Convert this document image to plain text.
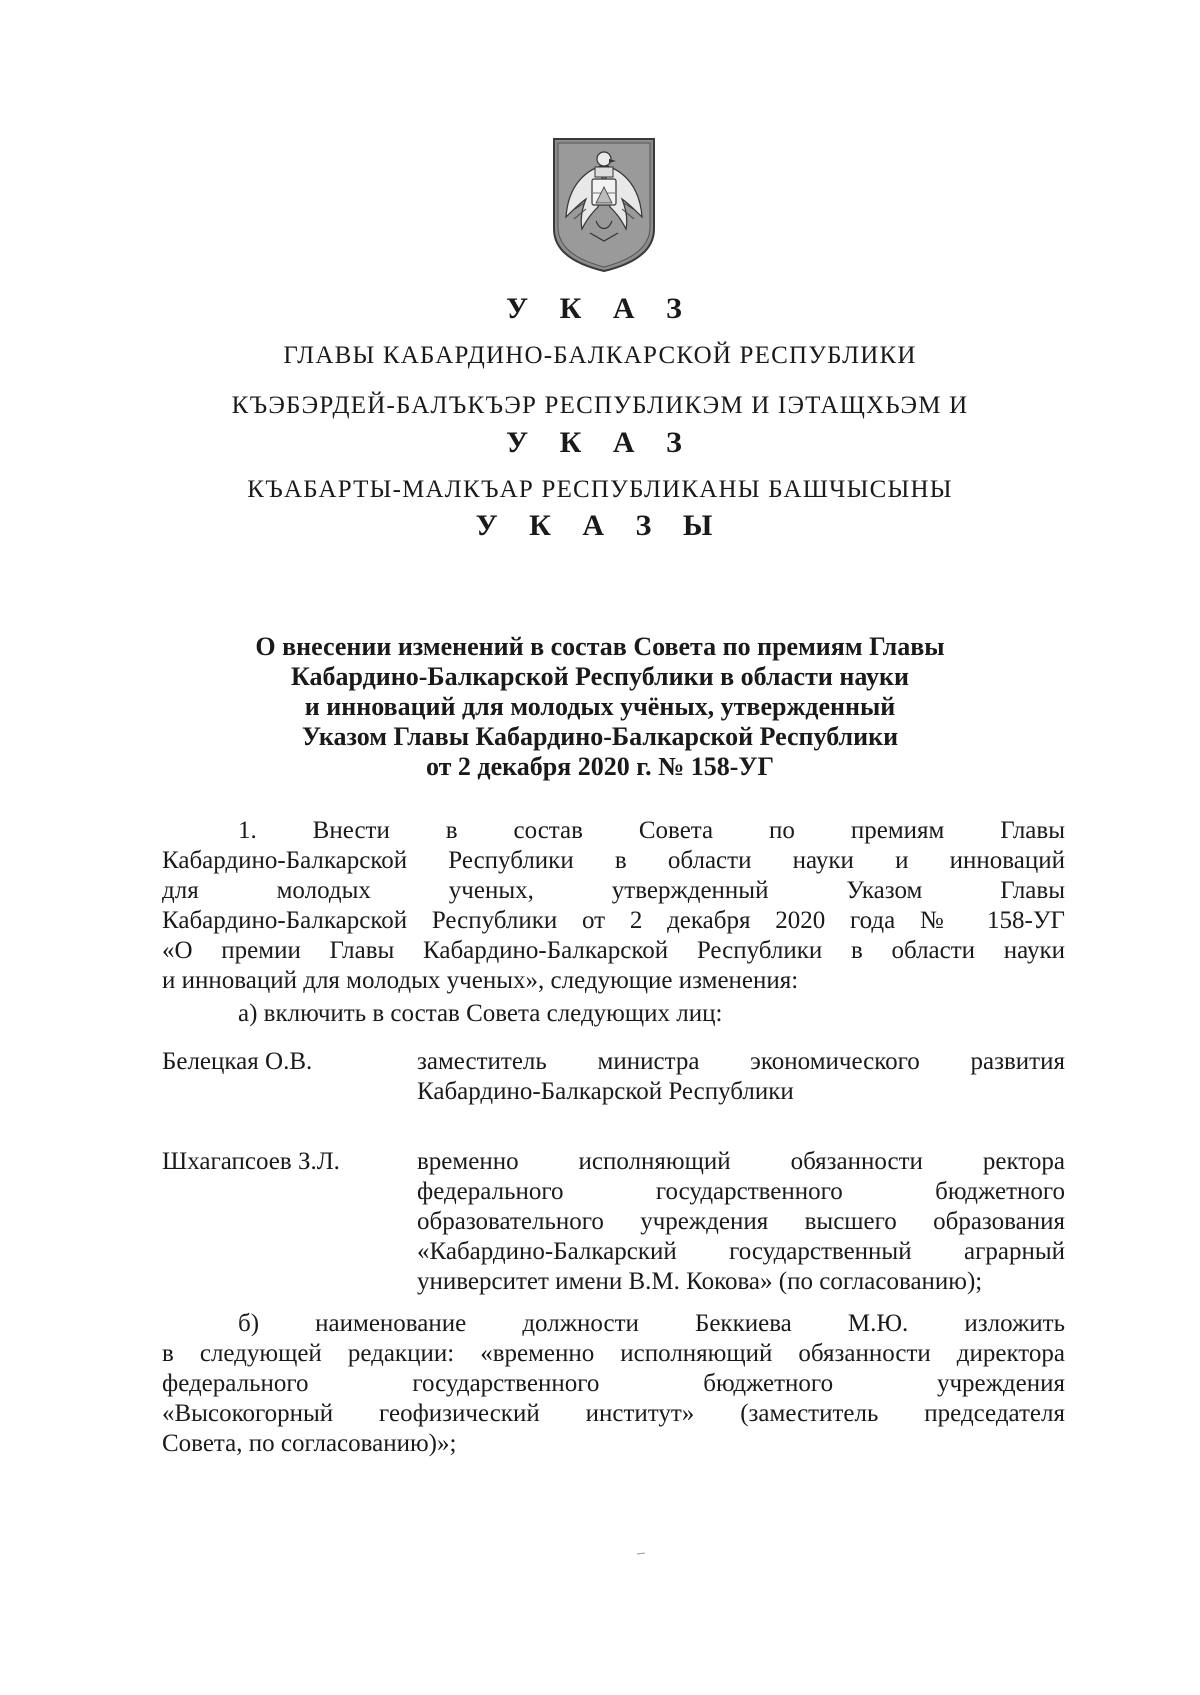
У К А З
ГЛАВЫ КАБАРДИНО-БАЛКАРСКОЙ РЕСПУБЛИКИ
КЪЭБЭРДЕЙ-БАЛЪКЪЭР РЕСПУБЛИКЭМ И ІЭТАЩХЬЭМ И
У К А З
КЪАБАРТЫ-МАЛКЪАР РЕСПУБЛИКАНЫ БАШЧЫСЫНЫ
У К А З Ы
О внесении изменений в состав Совета по премиям Главы
Кабардино-Балкарской Республики в области науки
и инноваций для молодых учёных, утвержденный
Указом Главы Кабардино-Балкарской Республики
от 2 декабря 2020 г. № 158-УГ
1. Внести в состав Совета по премиям Главы
Кабардино-Балкарской Республики в области науки и инноваций
для молодых ученых, утвержденный Указом Главы
Кабардино-Балкарской Республики от 2 декабря 2020 года № 158-УГ
«О премии Главы Кабардино-Балкарской Республики в области науки
и инноваций для молодых ученых», следующие изменения:
а) включить в состав Совета следующих лиц:
Белецкая О.В.	заместитель министра экономического развития
Кабардино-Балкарской Республики
Шхагапсоев З.Л.	временно исполняющий обязанности ректора
федерального государственного бюджетного
образовательного учреждения высшего образования
«Кабардино-Балкарский государственный аграрный
университет имени В.М. Кокова» (по согласованию);
б) наименование должности Беккиева М.Ю. изложить
в следующей редакции: «временно исполняющий обязанности директора
федерального государственного бюджетного учреждения
«Высокогорный геофизический институт» (заместитель председателя
Совета, по согласованию)»;
